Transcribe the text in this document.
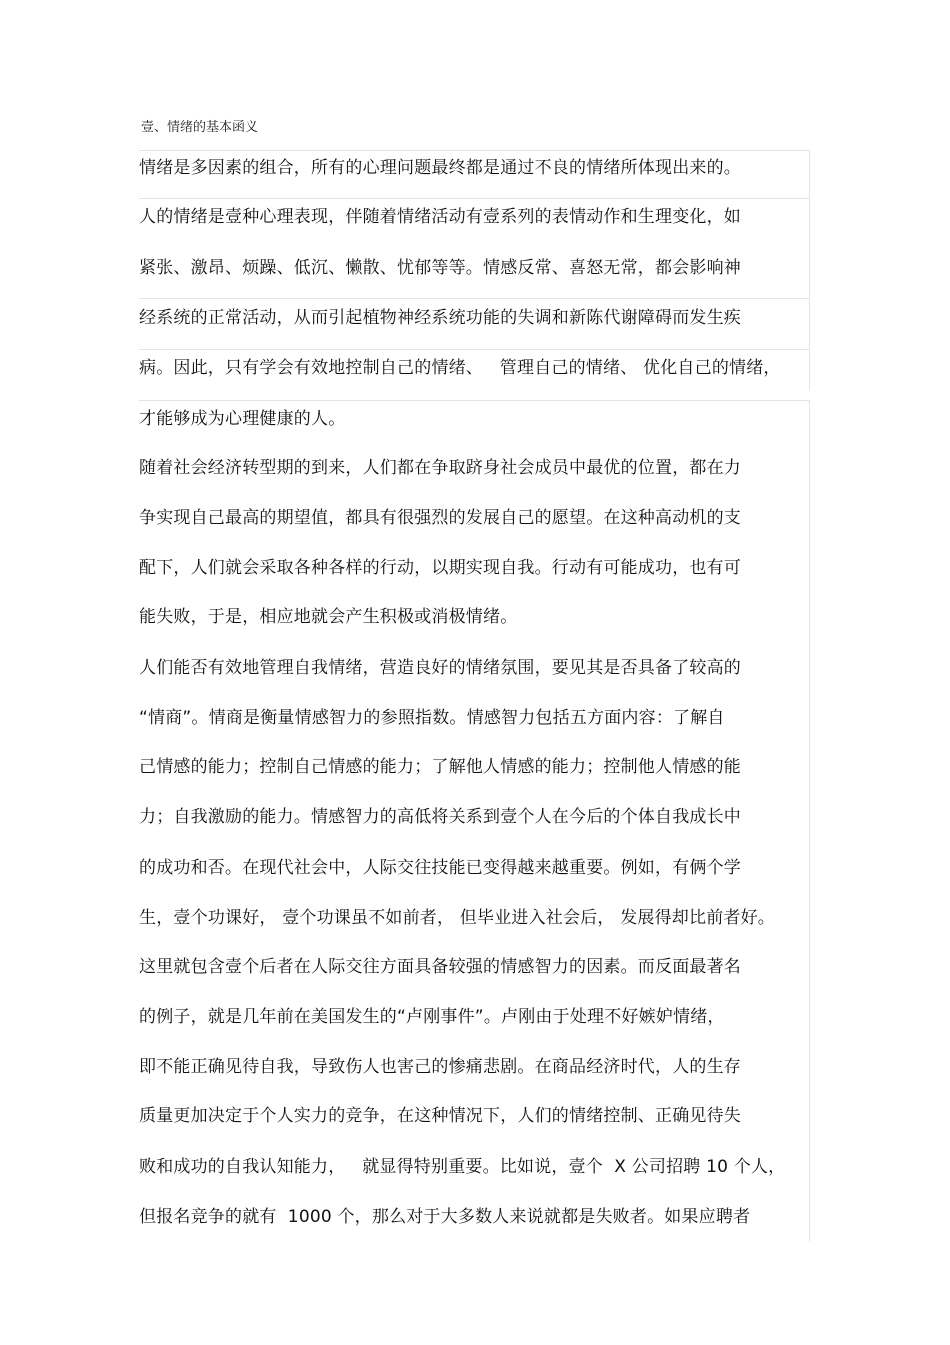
壹、情绪的基本函义
情绪是多因素的组合，所有的心理问题最终都是通过不良的情绪所体现出来的。
人的情绪是壹种心理表现，伴随着情绪活动有壹系列的表情动作和生理变化，如
紧张、激昂、烦躁、低沉、懒散、忧郁等等。情感反常、喜怒无常，都会影响神
经系统的正常活动，从而引起植物神经系统功能的失调和新陈代谢障碍而发生疾
病。因此，只有学会有效地控制自己的情绪、   管理自己的情绪、 优化自己的情绪，
才能够成为心理健康的人。
随着社会经济转型期的到来，人们都在争取跻身社会成员中最优的位置，都在力
争实现自己最高的期望值，都具有很强烈的发展自己的愿望。在这种高动机的支
配下，人们就会采取各种各样的行动，以期实现自我。行动有可能成功，也有可
能失败，于是，相应地就会产生积极或消极情绪。
人们能否有效地管理自我情绪，营造良好的情绪氛围，要见其是否具备了较高的
“情商”。情商是衡量情感智力的参照指数。情感智力包括五方面内容：了解自
己情感的能力；控制自己情感的能力；了解他人情感的能力；控制他人情感的能
力；自我激励的能力。情感智力的高低将关系到壹个人在今后的个体自我成长中
的成功和否。在现代社会中，人际交往技能已变得越来越重要。例如，有俩个学
生，壹个功课好， 壹个功课虽不如前者， 但毕业进入社会后， 发展得却比前者好。
这里就包含壹个后者在人际交往方面具备较强的情感智力的因素。而反面最著名
的例子，就是几年前在美国发生的“卢刚事件”。卢刚由于处理不好嫉妒情绪，
即不能正确见待自我，导致伤人也害己的惨痛悲剧。在商品经济时代，人的生存
质量更加决定于个人实力的竞争，在这种情况下，人们的情绪控制、正确见待失
败和成功的自我认知能力，   就显得特别重要。比如说，壹个  X 公司招聘 10 个人，
但报名竞争的就有  1000 个，那么对于大多数人来说就都是失败者。如果应聘者
